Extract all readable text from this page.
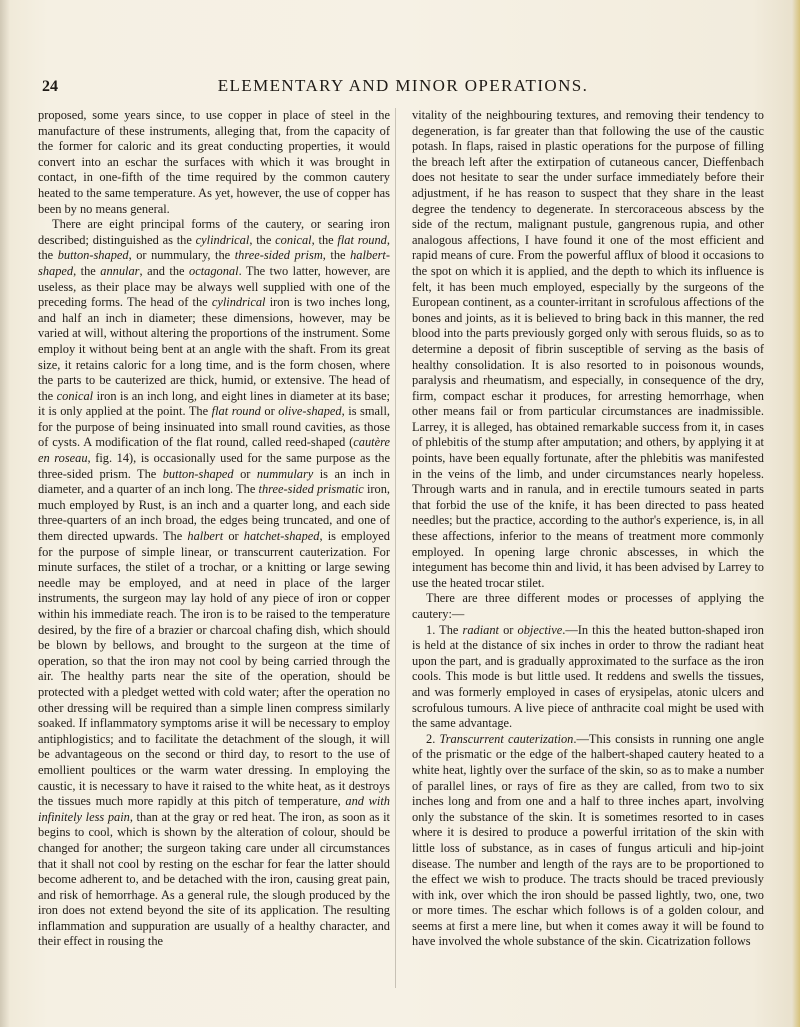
24	ELEMENTARY AND MINOR OPERATIONS.

proposed, some years since, to use copper in place of steel in the manufacture of these instruments, alleging that, from the capacity of the former for caloric and its great conducting properties, it would convert into an eschar the surfaces with which it was brought in contact, in one-fifth of the time required by the common cautery heated to the same temperature. As yet, however, the use of copper has been by no means general.

There are eight principal forms of the cautery, or searing iron described; distinguished as the cylindrical, the conical, the flat round, the button-shaped, or nummulary, the three-sided prism, the halbert-shaped, the annular, and the octagonal. The two latter, however, are useless, as their place may be always well supplied with one of the preceding forms. The head of the cylindrical iron is two inches long, and half an inch in diameter; these dimensions, however, may be varied at will, without altering the proportions of the instrument. Some employ it without being bent at an angle with the shaft. From its great size, it retains caloric for a long time, and is the form chosen, where the parts to be cauterized are thick, humid, or extensive. The head of the conical iron is an inch long, and eight lines in diameter at its base; it is only applied at the point. The flat round or olive-shaped, is small, for the purpose of being insinuated into small round cavities, as those of cysts. A modification of the flat round, called reed-shaped (cautère en roseau, fig. 14), is occasionally used for the same purpose as the three-sided prism. The button-shaped or nummulary is an inch in diameter, and a quarter of an inch long. The three-sided prismatic iron, much employed by Rust, is an inch and a quarter long, and each side three-quarters of an inch broad, the edges being truncated, and one of them directed upwards. The halbert or hatchet-shaped, is employed for the purpose of simple linear, or transcurrent cauterization. For minute surfaces, the stilet of a trochar, or a knitting or large sewing needle may be employed, and at need in place of the larger instruments, the surgeon may lay hold of any piece of iron or copper within his immediate reach. The iron is to be raised to the temperature desired, by the fire of a brazier or charcoal chafing dish, which should be blown by bellows, and brought to the surgeon at the time of operation, so that the iron may not cool by being carried through the air. The healthy parts near the site of the operation, should be protected with a pledget wetted with cold water; after the operation no other dressing will be required than a simple linen compress similarly soaked. If inflammatory symptoms arise it will be necessary to employ antiphlogistics; and to facilitate the detachment of the slough, it will be advantageous on the second or third day, to resort to the use of emollient poultices or the warm water dressing. In employing the caustic, it is necessary to have it raised to the white heat, as it destroys the tissues much more rapidly at this pitch of temperature, and with infinitely less pain, than at the gray or red heat. The iron, as soon as it begins to cool, which is shown by the alteration of colour, should be changed for another; the surgeon taking care under all circumstances that it shall not cool by resting on the eschar for fear the latter should become adherent to, and be detached with the iron, causing great pain, and risk of hemorrhage. As a general rule, the slough produced by the iron does not extend beyond the site of its application. The resulting inflammation and suppuration are usually of a healthy character, and their effect in rousing the

vitality of the neighbouring textures, and removing their tendency to degeneration, is far greater than that following the use of the caustic potash. In flaps, raised in plastic operations for the purpose of filling the breach left after the extirpation of cutaneous cancer, Dieffenbach does not hesitate to sear the under surface immediately before their adjustment, if he has reason to suspect that they share in the least degree the tendency to degenerate. In stercoraceous abscess by the side of the rectum, malignant pustule, gangrenous rupia, and other analogous affections, I have found it one of the most efficient and rapid means of cure. From the powerful afflux of blood it occasions to the spot on which it is applied, and the depth to which its influence is felt, it has been much employed, especially by the surgeons of the European continent, as a counter-irritant in scrofulous affections of the bones and joints, as it is believed to bring back in this manner, the red blood into the parts previously gorged only with serous fluids, so as to determine a deposit of fibrin susceptible of serving as the basis of healthy consolidation. It is also resorted to in poisonous wounds, paralysis and rheumatism, and especially, in consequence of the dry, firm, compact eschar it produces, for arresting hemorrhage, when other means fail or from particular circumstances are inadmissible. Larrey, it is alleged, has obtained remarkable success from it, in cases of phlebitis of the stump after amputation; and others, by applying it at points, have been equally fortunate, after the phlebitis was manifested in the veins of the limb, and under circumstances nearly hopeless. Through warts and in ranula, and in erectile tumours seated in parts that forbid the use of the knife, it has been directed to pass heated needles; but the practice, according to the author's experience, is, in all these affections, inferior to the means of treatment more commonly employed. In opening large chronic abscesses, in which the integument has become thin and livid, it has been advised by Larrey to use the heated trocar stilet.

There are three different modes or processes of applying the cautery:—

1. The radiant or objective.—In this the heated button-shaped iron is held at the distance of six inches in order to throw the radiant heat upon the part, and is gradually approximated to the surface as the iron cools. This mode is but little used. It reddens and swells the tissues, and was formerly employed in cases of erysipelas, atonic ulcers and scrofulous tumours. A live piece of anthracite coal might be used with the same advantage.

2. Transcurrent cauterization.—This consists in running one angle of the prismatic or the edge of the halbert-shaped cautery heated to a white heat, lightly over the surface of the skin, so as to make a number of parallel lines, or rays of fire as they are called, from two to six inches long and from one and a half to three inches apart, involving only the substance of the skin. It is sometimes resorted to in cases where it is desired to produce a powerful irritation of the skin with little loss of substance, as in cases of fungus articuli and hip-joint disease. The number and length of the rays are to be proportioned to the effect we wish to produce. The tracts should be traced previously with ink, over which the iron should be passed lightly, two, one, two or more times. The eschar which follows is of a golden colour, and seems at first a mere line, but when it comes away it will be found to have involved the whole substance of the skin. Cicatrization follows
